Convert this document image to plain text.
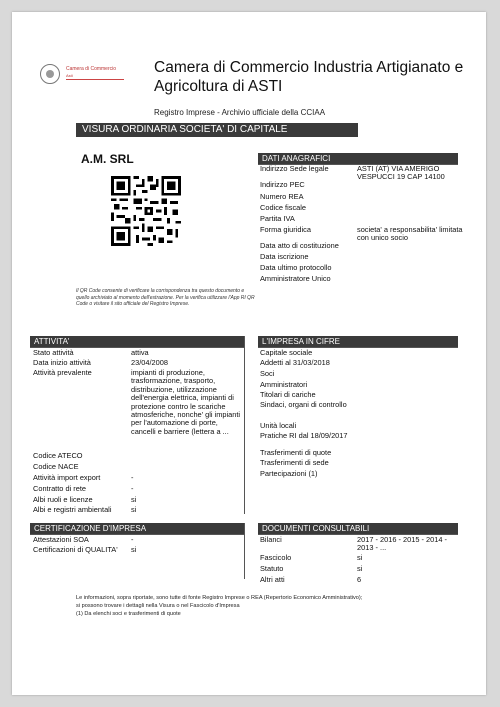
Camera di Commercio
Asti	Camera di Commercio Industria Artigianato e Agricoltura di ASTI
Registro Imprese - Archivio ufficiale della CCIAA
VISURA ORDINARIA SOCIETA' DI CAPITALE
A.M. SRL
Il QR Code consente di verificare la corrispondenza tra questo documento e quello archiviato al momento dell'estrazione. Per la verifica utilizzare l'App RI QR Code o visitare il sito ufficiale del Registro Imprese.
DATI ANAGRAFICI
Indirizzo Sede legale	ASTI (AT) VIA AMERIGO VESPUCCI 19 CAP 14100
Indirizzo PEC
Numero REA
Codice fiscale
Partita IVA
Forma giuridica	societa' a responsabilita' limitata con unico socio
Data atto di costituzione
Data iscrizione
Data ultimo protocollo
Amministratore Unico
ATTIVITA'
Stato attività	attiva
Data inizio attività	23/04/2008
Attività prevalente	impianti di produzione, trasformazione, trasporto, distribuzione, utilizzazione dell'energia elettrica, impianti di protezione contro le scariche atmosferiche, nonche' gli impianti per l'automazione di porte, cancelli e barriere (lettera a ...
Codice ATECO
Codice NACE
Attività import export	-
Contratto di rete	-
Albi ruoli e licenze	si
Albi e registri ambientali	si
L'IMPRESA IN CIFRE
Capitale sociale
Addetti al 31/03/2018
Soci
Amministratori
Titolari di cariche
Sindaci, organi di controllo
Unità locali
Pratiche RI dal 18/09/2017
Trasferimenti di quote
Trasferimenti di sede
Partecipazioni (1)
CERTIFICAZIONE D'IMPRESA
Attestazioni SOA	-
Certificazioni di QUALITA'	si
DOCUMENTI CONSULTABILI
Bilanci	2017 - 2016 - 2015 - 2014 - 2013 - ...
Fascicolo	si
Statuto	si
Altri atti	6
Le informazioni, sopra riportate, sono tutte di fonte Registro Imprese o REA (Repertorio Economico Amministrativo);
si possono trovare i dettagli nella Visura o nel Fascicolo d'Impresa
(1) Da elenchi soci e trasferimenti di quote
